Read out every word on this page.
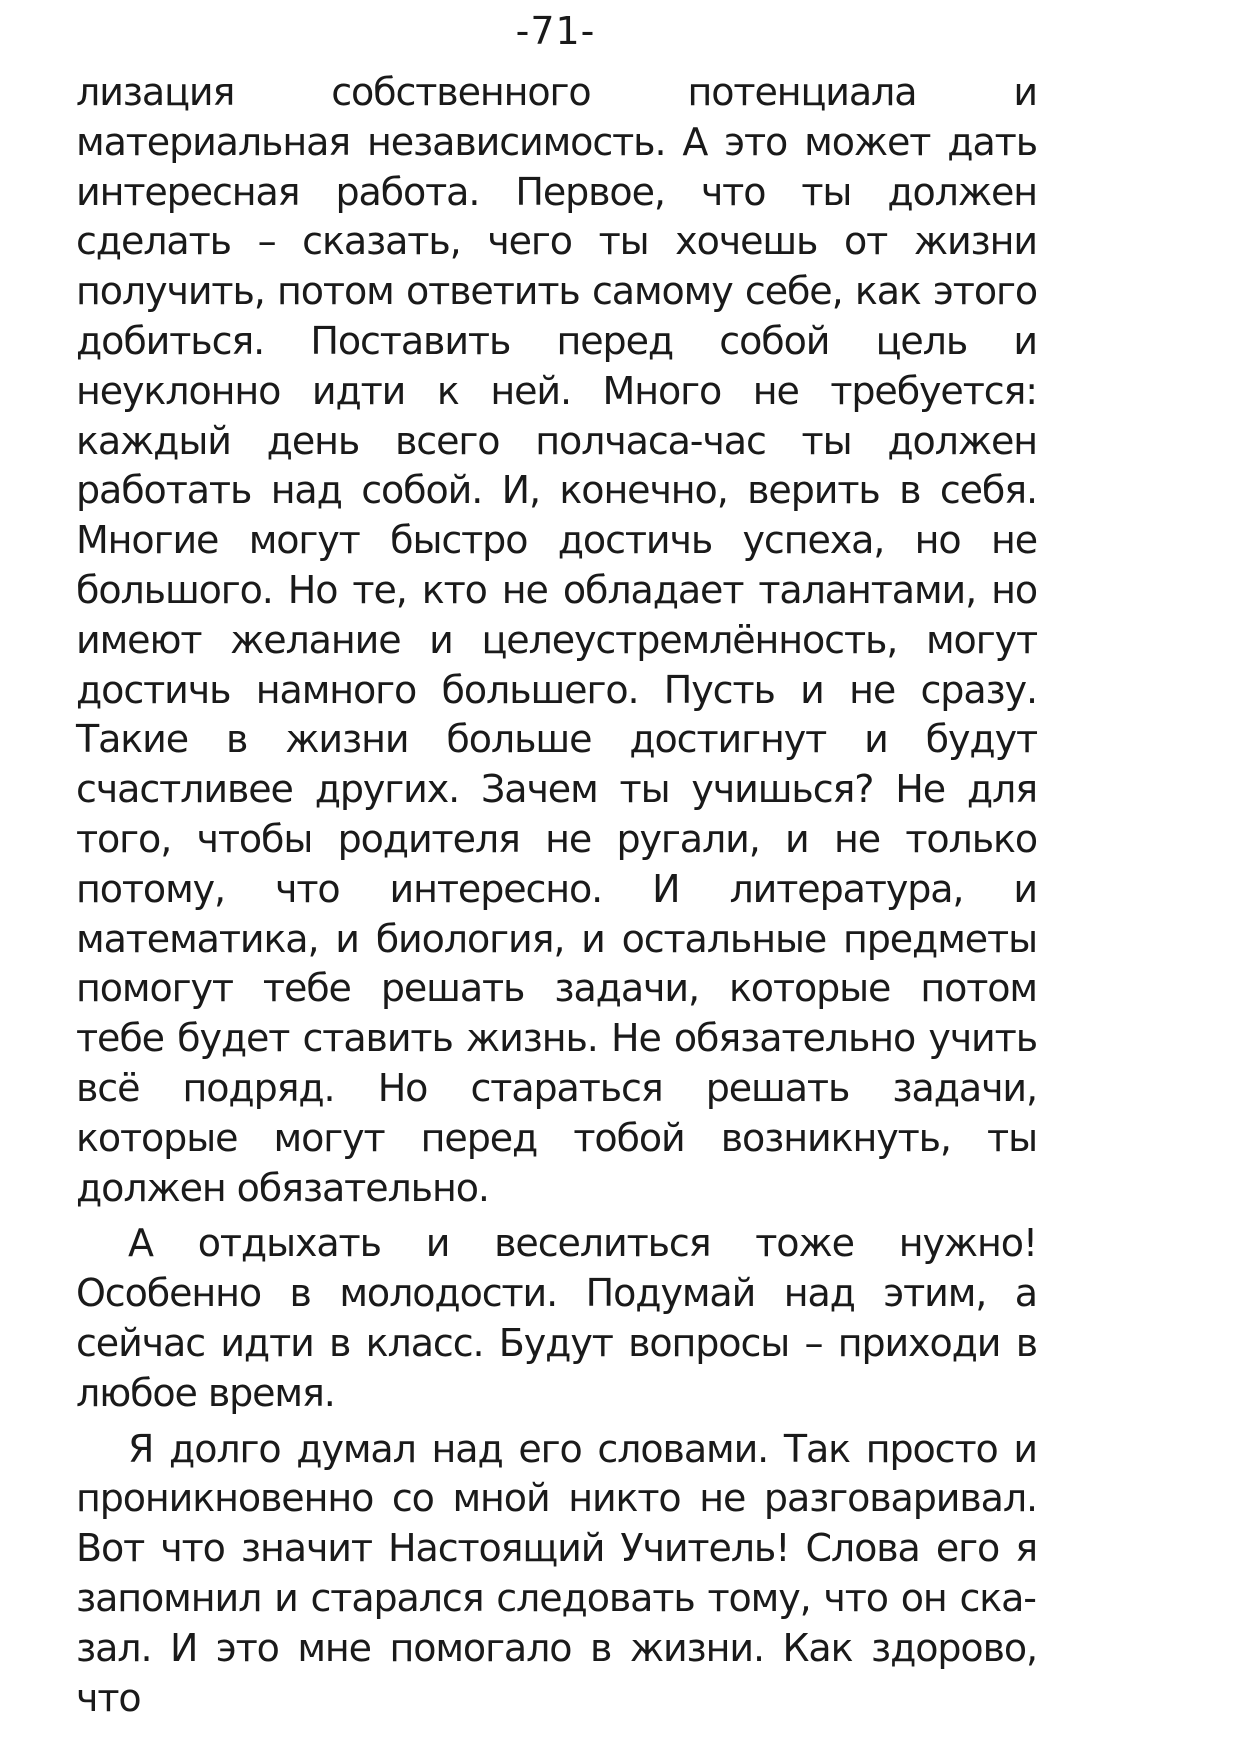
-71-

лизация собственного потенциала и материальная независимость. А это может дать интересная работа. Первое, что ты должен сделать – сказать, чего ты хочешь от жизни получить, потом ответить самому себе, как этого добиться. Поставить перед собой цель и неуклонно идти к ней. Много не требуется: каждый день всего полчаса-час ты должен работать над собой. И, конечно, верить в себя. Многие могут быстро достичь успеха, но не большого. Но те, кто не обладает талантами, но имеют желание и целеустремлённость, могут достичь намного большего. Пусть и не сразу. Такие в жизни больше достигнут и будут счастливее других. Зачем ты учишься? Не для того, чтобы родителя не ругали, и не только потому, что интересно. И литература, и математика, и биология, и остальные предметы помогут тебе решать задачи, которые потом тебе будет ставить жизнь. Не обязательно учить всё подряд. Но стараться решать задачи, которые могут перед тобой возникнуть, ты должен обязательно.

А отдыхать и веселиться тоже нужно! Особенно в молодости. Подумай над этим, а сейчас идти в класс. Будут вопросы – приходи в любое время.

Я долго думал над его словами. Так просто и проникновенно со мной никто не разговаривал. Вот что значит Настоящий Учитель! Слова его я запомнил и старался следовать тому, что он сказал. И это мне помогало в жизни. Как здорово, что
